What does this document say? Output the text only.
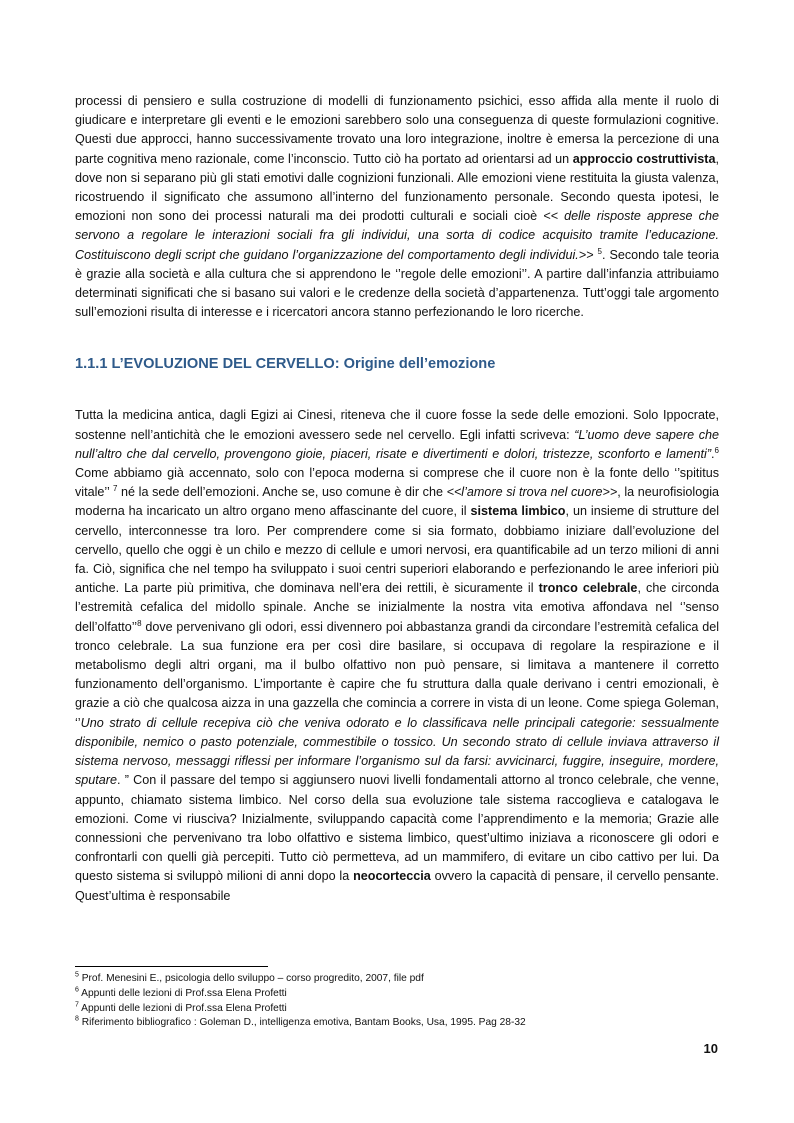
processi di pensiero e sulla costruzione di modelli di funzionamento psichici, esso affida alla mente il ruolo di giudicare e interpretare gli eventi e le emozioni sarebbero solo una conseguenza di queste formulazioni cognitive. Questi due approcci, hanno successivamente trovato una loro integrazione, inoltre è emersa la percezione di una parte cognitiva meno razionale, come l’inconscio. Tutto ciò ha portato ad orientarsi ad un approccio costruttivista, dove non si separano più gli stati emotivi dalle cognizioni funzionali. Alle emozioni viene restituita la giusta valenza, ricostruendo il significato che assumono all’interno del funzionamento personale. Secondo questa ipotesi, le emozioni non sono dei processi naturali ma dei prodotti culturali e sociali cioè << delle risposte apprese che servono a regolare le interazioni sociali fra gli individui, una sorta di codice acquisito tramite l’educazione. Costituiscono degli script che guidano l’organizzazione del comportamento degli individui.>> $^5$. Secondo tale teoria è grazie alla società e alla cultura che si apprendono le ‘’regole delle emozioni’’. A partire dall’infanzia attribuiamo determinati significati che si basano sui valori e le credenze della società d’appartenenza. Tutt’oggi tale argomento sull’emozioni risulta di interesse e i ricercatori ancora stanno perfezionando le loro ricerche.

1.1.1 L’EVOLUZIONE DEL CERVELLO: Origine dell’emozione

Tutta la medicina antica, dagli Egizi ai Cinesi, riteneva che il cuore fosse la sede delle emozioni. Solo Ippocrate, sostenne nell’antichità che le emozioni avessero sede nel cervello. Egli infatti scriveva: “L’uomo deve sapere che null’altro che dal cervello, provengono gioie, piaceri, risate e divertimenti e dolori, tristezze, sconforto e lamenti”.$^6$ Come abbiamo già accennato, solo con l’epoca moderna si comprese che il cuore non è la fonte dello ‘’spititus vitale’’ $^7$ né la sede dell’emozioni. Anche se, uso comune è dir che <<l’amore si trova nel cuore>>, la neurofisiologia moderna ha incaricato un altro organo meno affascinante del cuore, il sistema limbico, un insieme di strutture del cervello, interconnesse tra loro. Per comprendere come si sia formato, dobbiamo iniziare dall’evoluzione del cervello, quello che oggi è un chilo e mezzo di cellule e umori nervosi, era quantificabile ad un terzo milioni di anni fa. Ciò, significa che nel tempo ha sviluppato i suoi centri superiori elaborando e perfezionando le aree inferiori più antiche. La parte più primitiva, che dominava nell’era dei rettili, è sicuramente il tronco celebrale, che circonda l’estremità cefalica del midollo spinale. Anche se inizialmente la nostra vita emotiva affondava nel ‘’senso dell’olfatto’’$^8$ dove pervenivano gli odori, essi divennero poi abbastanza grandi da circondare l’estremità cefalica del tronco celebrale. La sua funzione era per così dire basilare, si occupava di regolare la respirazione e il metabolismo degli altri organi, ma il bulbo olfattivo non può pensare, si limitava a mantenere il corretto funzionamento dell’organismo. L’importante è capire che fu struttura dalla quale derivano i centri emozionali, è grazie a ciò che qualcosa aizza in una gazzella che comincia a correre in vista di un leone. Come spiega Goleman, ‘’Uno strato di cellule recepiva ciò che veniva odorato e lo classificava nelle principali categorie: sessualmente disponibile, nemico o pasto potenziale, commestibile o tossico. Un secondo strato di cellule inviava attraverso il sistema nervoso, messaggi riflessi per informare l’organismo sul da farsi: avvicinarci, fuggire, inseguire, mordere, sputare. ” Con il passare del tempo si aggiunsero nuovi livelli fondamentali attorno al tronco celebrale, che venne, appunto, chiamato sistema limbico. Nel corso della sua evoluzione tale sistema raccoglieva e catalogava le emozioni. Come vi riusciva? Inizialmente, sviluppando capacità come l’apprendimento e la memoria; Grazie alle connessioni che pervenivano tra lobo olfattivo e sistema limbico, quest’ultimo iniziava a riconoscere gli odori e confrontarli con quelli già percepiti. Tutto ciò permetteva, ad un mammifero, di evitare un cibo cattivo per lui. Da questo sistema si sviluppò milioni di anni dopo la neocorteccia ovvero la capacità di pensare, il cervello pensante. Quest’ultima è responsabile

$^5$ Prof. Menesini E., psicologia dello sviluppo – corso progredito, 2007, file pdf
$^6$ Appunti delle lezioni di Prof.ssa Elena Profetti
$^7$ Appunti delle lezioni di Prof.ssa Elena Profetti
$^8$ Riferimento bibliografico : Goleman D., intelligenza emotiva, Bantam Books, Usa, 1995. Pag 28-32
10
